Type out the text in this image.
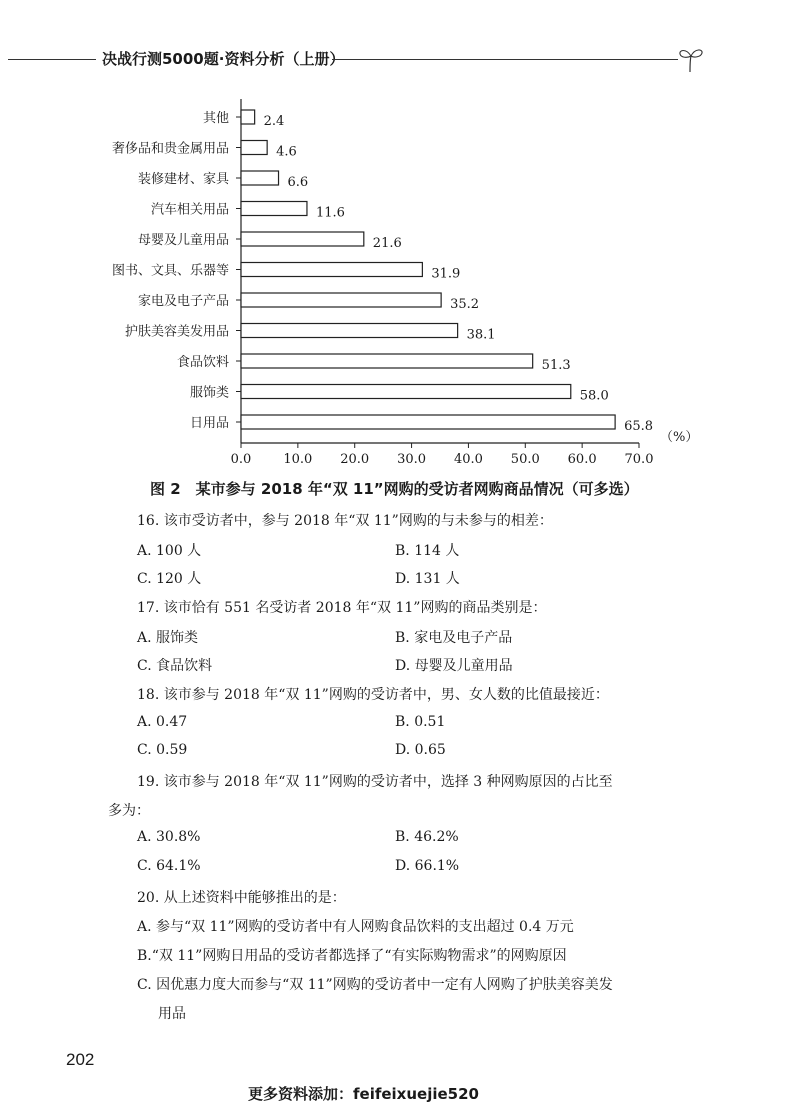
决战行测5000题·资料分析（上册）
其他	2.4
奢侈品和贵金属用品	4.6
装修建材、家具	6.6
汽车相关用品	11.6
母婴及儿童用品	21.6
图书、文具、乐器等	31.9
家电及电子产品	35.2
护肤美容美发用品	38.1
食品饮料	51.3
服饰类	58.0
日用品	65.8
0.0 10.0 20.0 30.0 40.0 50.0 60.0 70.0
（%）
图 2　某市参与 2018 年“双 11”网购的受访者网购商品情况（可多选）
16. 该市受访者中，参与 2018 年“双 11”网购的与未参与的相差：
A. 100 人	B. 114 人
C. 120 人	D. 131 人
17. 该市恰有 551 名受访者 2018 年“双 11”网购的商品类别是：
A. 服饰类	B. 家电及电子产品
C. 食品饮料	D. 母婴及儿童用品
18. 该市参与 2018 年“双 11”网购的受访者中，男、女人数的比值最接近：
A. 0.47	B. 0.51
C. 0.59	D. 0.65
19. 该市参与 2018 年“双 11”网购的受访者中，选择 3 种网购原因的占比至
多为：
A. 30.8%	B. 46.2%
C. 64.1%	D. 66.1%
20. 从上述资料中能够推出的是：
A. 参与“双 11”网购的受访者中有人网购食品饮料的支出超过 0.4 万元
B.“双 11”网购日用品的受访者都选择了“有实际购物需求”的网购原因
C. 因优惠力度大而参与“双 11”网购的受访者中一定有人网购了护肤美容美发
用品
202
更多资料添加：feifeixuejie520
